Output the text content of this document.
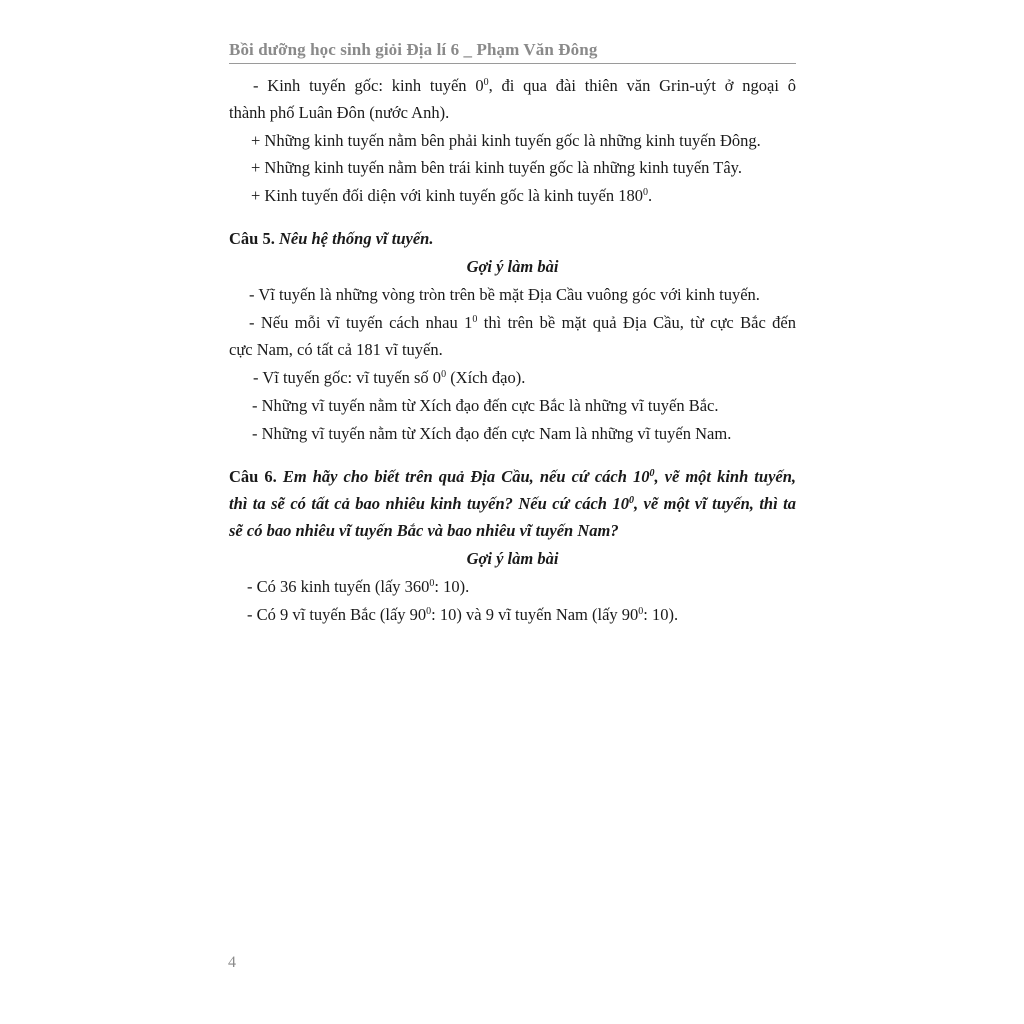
Bồi dưỡng học sinh giỏi Địa lí 6 _ Phạm Văn Đông
- Kinh tuyến gốc: kinh tuyến $0^0$, đi qua đài thiên văn Grin-uýt ở ngoại ô
thành phố Luân Đôn (nước Anh).
+ Những kinh tuyến nằm bên phải kinh tuyến gốc là những kinh tuyến Đông.
+ Những kinh tuyến nằm bên trái kinh tuyến gốc là những kinh tuyến Tây.
+ Kinh tuyến đối diện với kinh tuyến gốc là kinh tuyến $180^0$.
Câu 5. Nêu hệ thống vĩ tuyến.
Gợi ý làm bài
- Vĩ tuyến là những vòng tròn trên bề mặt Địa Cầu vuông góc với kinh tuyến.
- Nếu mỗi vĩ tuyến cách nhau $1^0$ thì trên bề mặt quả Địa Cầu, từ cực Bắc đến
cực Nam, có tất cả 181 vĩ tuyến.
- Vĩ tuyến gốc: vĩ tuyến số $0^0$ (Xích đạo).
- Những vĩ tuyến nằm từ Xích đạo đến cực Bắc là những vĩ tuyến Bắc.
- Những vĩ tuyến nằm từ Xích đạo đến cực Nam là những vĩ tuyến Nam.
Câu 6. Em hãy cho biết trên quả Địa Cầu, nếu cứ cách $10^0$, vẽ một kinh tuyến,
thì ta sẽ có tất cả bao nhiêu kinh tuyến? Nếu cứ cách $10^0$, vẽ một vĩ tuyến, thì ta
sẽ có bao nhiêu vĩ tuyến Bắc và bao nhiêu vĩ tuyến Nam?
Gợi ý làm bài
- Có 36 kinh tuyến (lấy $360^0$: 10).
- Có 9 vĩ tuyến Bắc (lấy $90^0$: 10) và 9 vĩ tuyến Nam (lấy $90^0$: 10).
4
